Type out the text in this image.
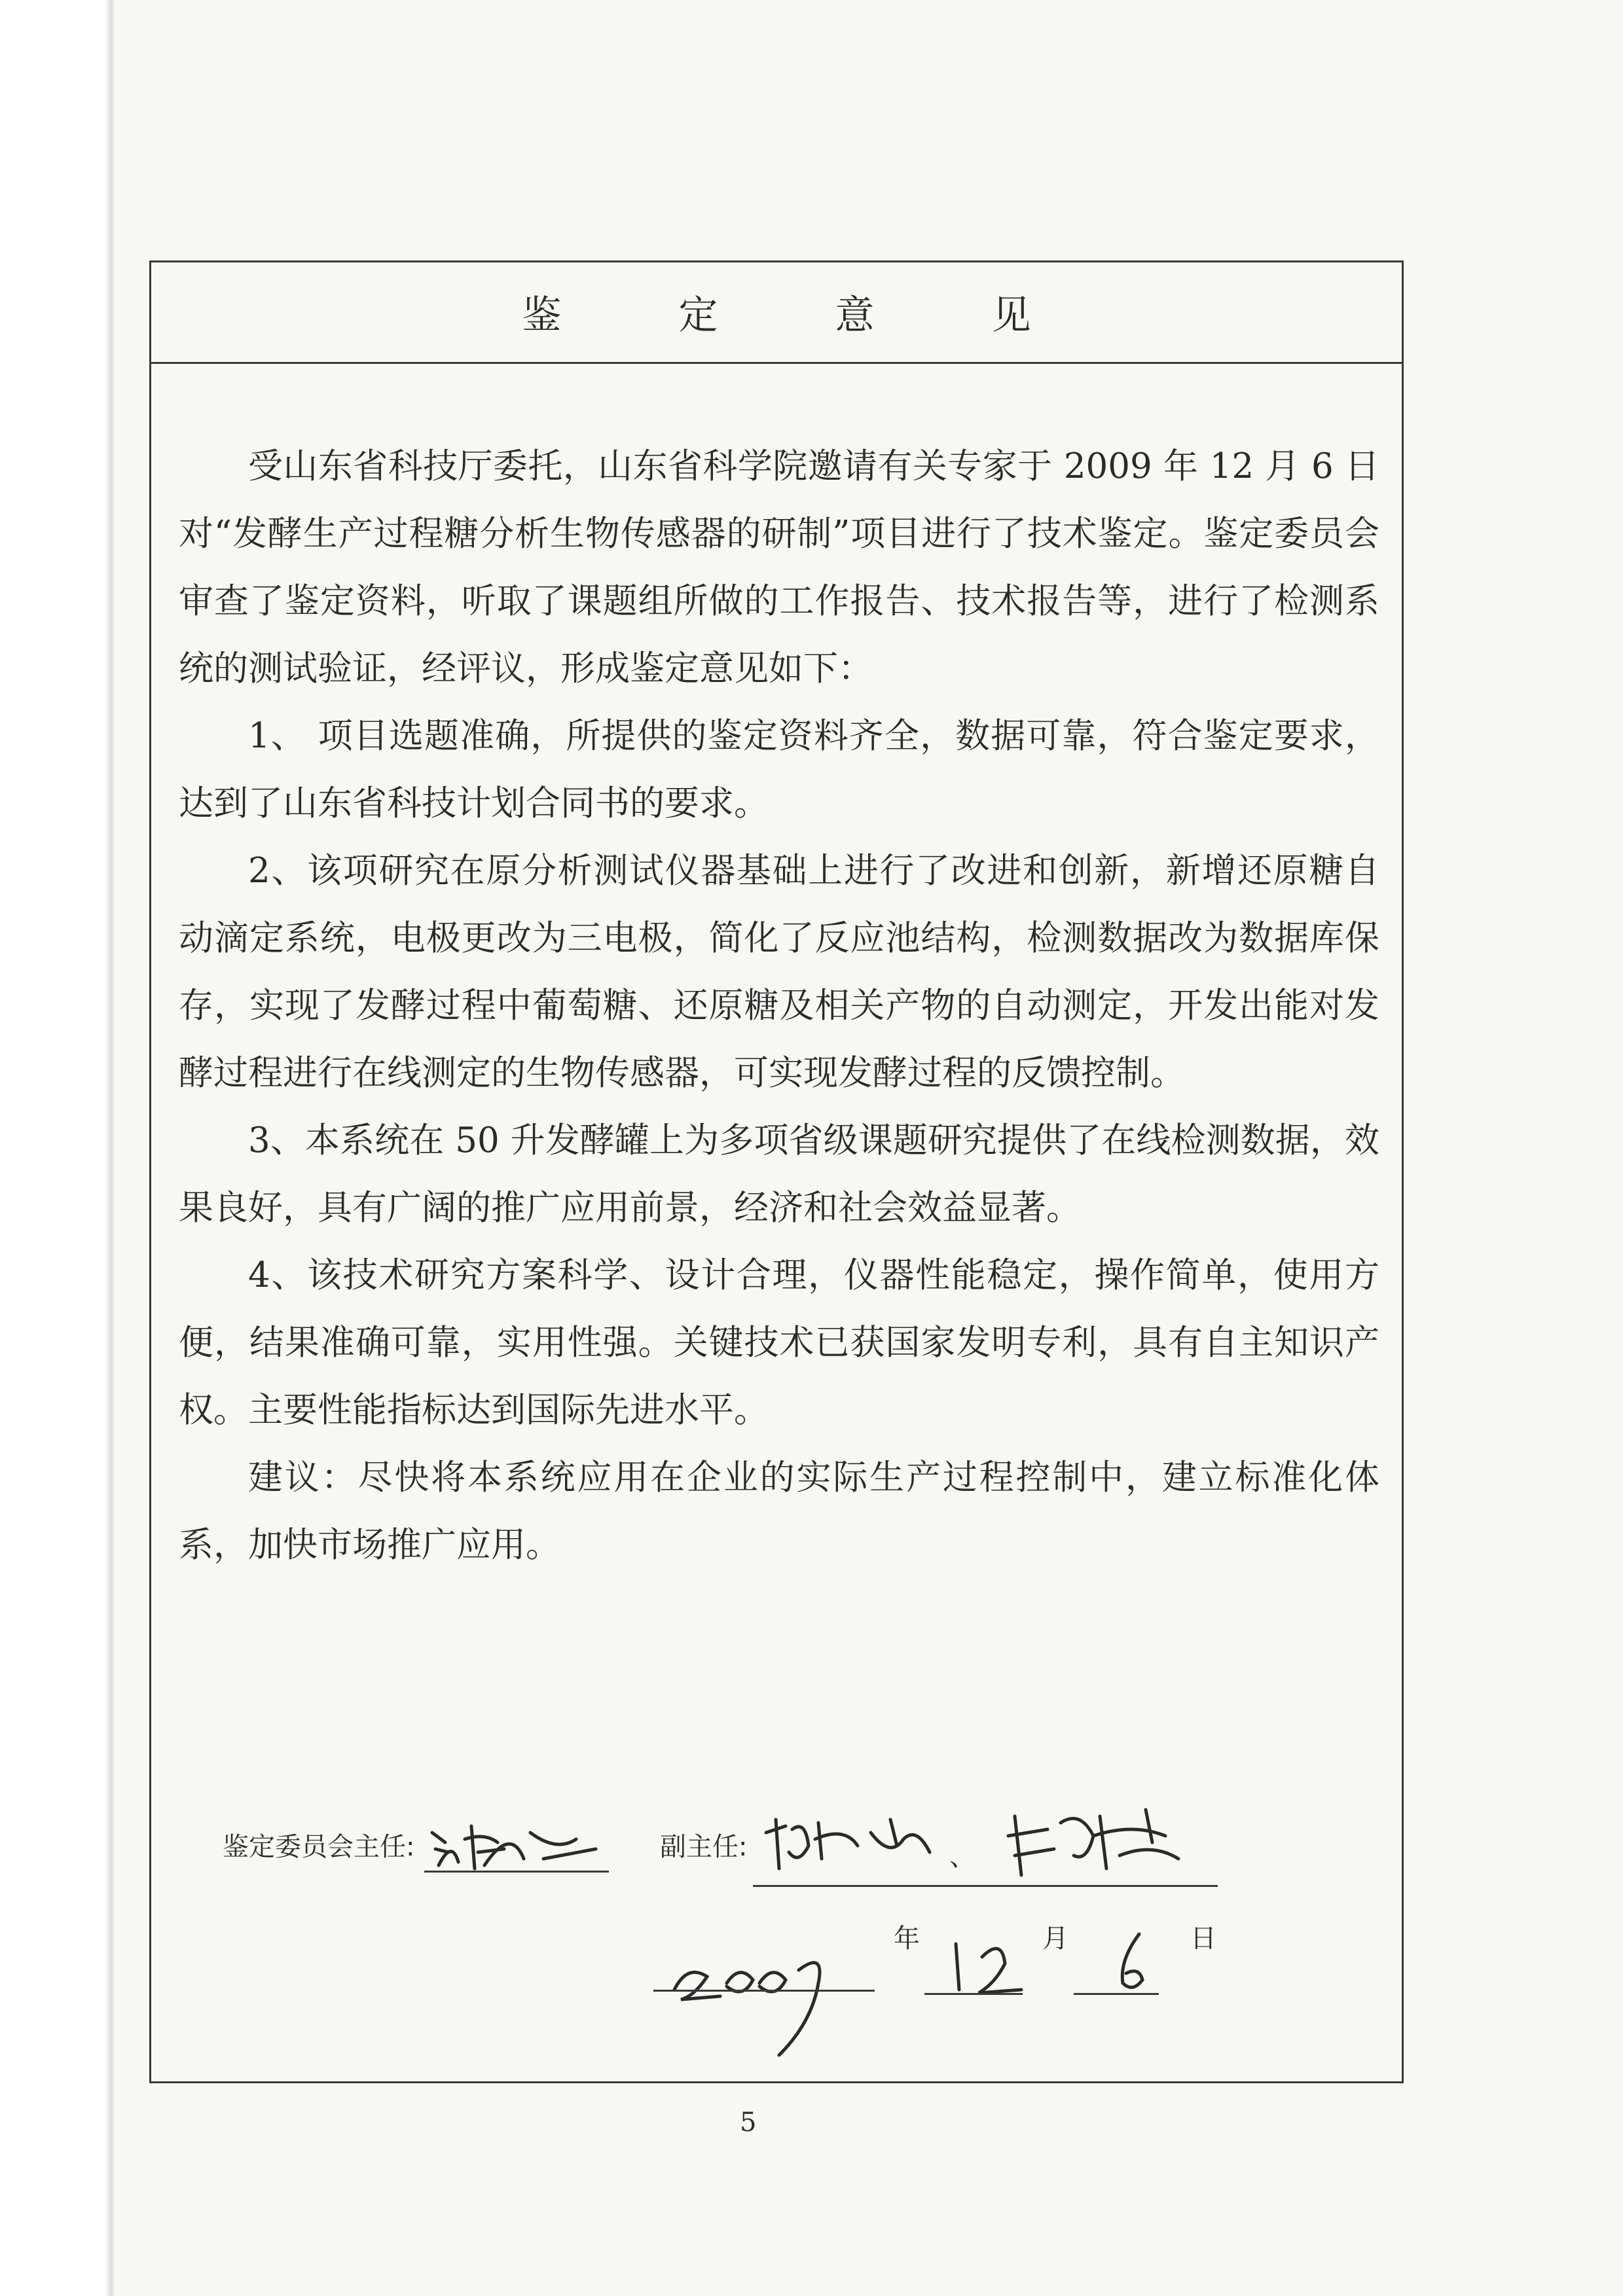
鉴 定 意 见

受山东省科技厅委托，山东省科学院邀请有关专家于 2009 年 12 月 6 日对“发酵生产过程糖分析生物传感器的研制”项目进行了技术鉴定。鉴定委员会审查了鉴定资料，听取了课题组所做的工作报告、技术报告等，进行了检测系统的测试验证，经评议，形成鉴定意见如下：

1、 项目选题准确，所提供的鉴定资料齐全，数据可靠，符合鉴定要求，达到了山东省科技计划合同书的要求。

2、该项研究在原分析测试仪器基础上进行了改进和创新，新增还原糖自动滴定系统，电极更改为三电极，简化了反应池结构，检测数据改为数据库保存，实现了发酵过程中葡萄糖、还原糖及相关产物的自动测定，开发出能对发酵过程进行在线测定的生物传感器，可实现发酵过程的反馈控制。

3、本系统在 50 升发酵罐上为多项省级课题研究提供了在线检测数据，效果良好，具有广阔的推广应用前景，经济和社会效益显著。

4、该技术研究方案科学、设计合理，仪器性能稳定，操作简单，使用方便，结果准确可靠，实用性强。关键技术已获国家发明专利，具有自主知识产权。主要性能指标达到国际先进水平。

建议：尽快将本系统应用在企业的实际生产过程控制中，建立标准化体系，加快市场推广应用。

鉴定委员会主任:	副主任:	、
年	月	日
5
